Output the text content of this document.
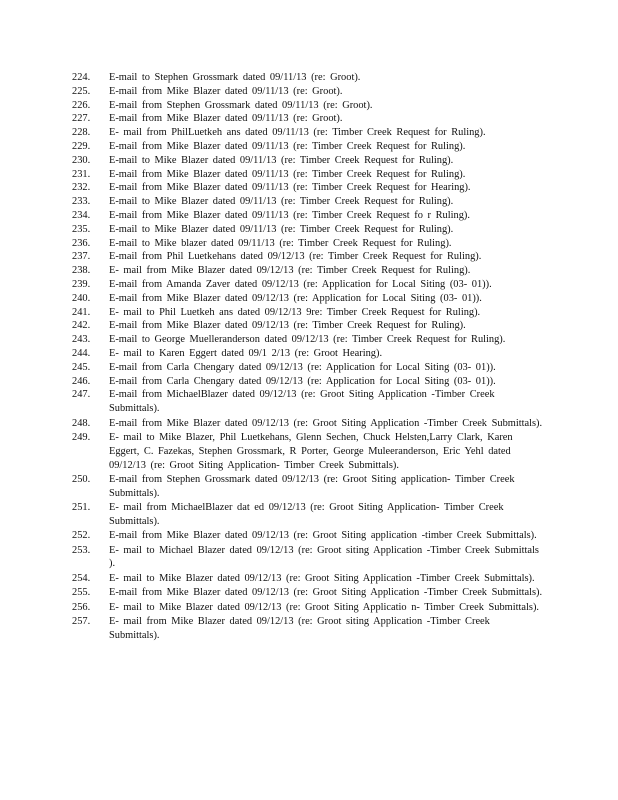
224.	E-mail to Stephen Grossmark dated 09/11/13 (re: Groot).
225.	E-mail from Mike Blazer dated 09/11/13 (re: Groot).
226.	E-mail from Stephen Grossmark dated 09/11/13 (re: Groot).
227.	E-mail from Mike Blazer dated 09/11/13 (re: Groot).
228.	E- mail from PhilLuetkeh ans dated 09/11/13 (re: Timber Creek Request for Ruling).
229.	E-mail from Mike Blazer dated 09/11/13 (re: Timber Creek Request for Ruling).
230.	E-mail to Mike Blazer dated 09/11/13 (re: Timber Creek Request for Ruling).
231.	E-mail from Mike Blazer dated 09/11/13 (re: Timber Creek Request for Ruling).
232.	E-mail from Mike Blazer dated 09/11/13 (re: Timber Creek Request for Hearing).
233.	E-mail to Mike Blazer dated 09/11/13 (re: Timber Creek Request for Ruling).
234.	E-mail from Mike Blazer dated 09/11/13 (re: Timber Creek Request fo r Ruling).
235.	E-mail to Mike Blazer dated 09/11/13 (re: Timber Creek Request for Ruling).
236.	E-mail to Mike blazer dated 09/11/13 (re: Timber Creek Request for Ruling).
237.	E-mail from Phil Luetkehans dated 09/12/13 (re: Timber Creek Request for Ruling).
238.	E- mail from Mike Blazer dated 09/12/13 (re: Timber Creek Request for Ruling).
239.	E-mail from Amanda Zaver dated 09/12/13 (re: Application for Local Siting (03- 01)).
240.	E-mail from Mike Blazer dated 09/12/13 (re: Application for Local Siting (03- 01)).
241.	E- mail to Phil Luetkeh ans dated 09/12/13 9re: Timber Creek Request for Ruling).
242.	E-mail from Mike Blazer dated 09/12/13 (re: Timber Creek Request for Ruling).
243.	E-mail to George Muelleranderson dated 09/12/13 (re: Timber Creek Request for Ruling).
244.	E- mail to Karen Eggert dated 09/1 2/13 (re: Groot Hearing).
245.	E-mail from Carla Chengary dated 09/12/13 (re: Application for Local Siting (03- 01)).
246.	E-mail from Carla Chengary dated 09/12/13 (re: Application for Local Siting (03- 01)).
247.	E-mail from MichaelBlazer dated 09/12/13 (re: Groot Siting Application -Timber Creek Submittals).
248.	E-mail from Mike Blazer dated 09/12/13 (re: Groot Siting Application -Timber Creek Submittals).
249.	E- mail to Mike Blazer, Phil Luetkehans, Glenn Sechen, Chuck Helsten,Larry Clark, Karen Eggert, C. Fazekas, Stephen Grossmark, R Porter, George Muleeranderson, Eric Yehl dated 09/12/13 (re: Groot Siting Application- Timber Creek Submittals).
250.	E-mail from Stephen Grossmark dated 09/12/13 (re: Groot Siting application- Timber Creek Submittals).
251.	E- mail from MichaelBlazer dat ed 09/12/13 (re: Groot Siting Application- Timber Creek Submittals).
252.	E-mail from Mike Blazer dated 09/12/13 (re: Groot Siting application -timber Creek Submittals).
253.	E- mail to Michael Blazer dated 09/12/13 (re: Groot siting Application -Timber Creek Submittals ).
254.	E- mail to Mike Blazer dated 09/12/13 (re: Groot Siting Application -Timber Creek Submittals).
255.	E-mail from Mike Blazer dated 09/12/13 (re: Groot Siting Application -Timber Creek Submittals).
256.	E- mail to Mike Blazer dated 09/12/13 (re: Groot Siting Applicatio n- Timber Creek Submittals).
257.	E- mail from Mike Blazer dated 09/12/13 (re: Groot siting Application -Timber Creek Submittals).
